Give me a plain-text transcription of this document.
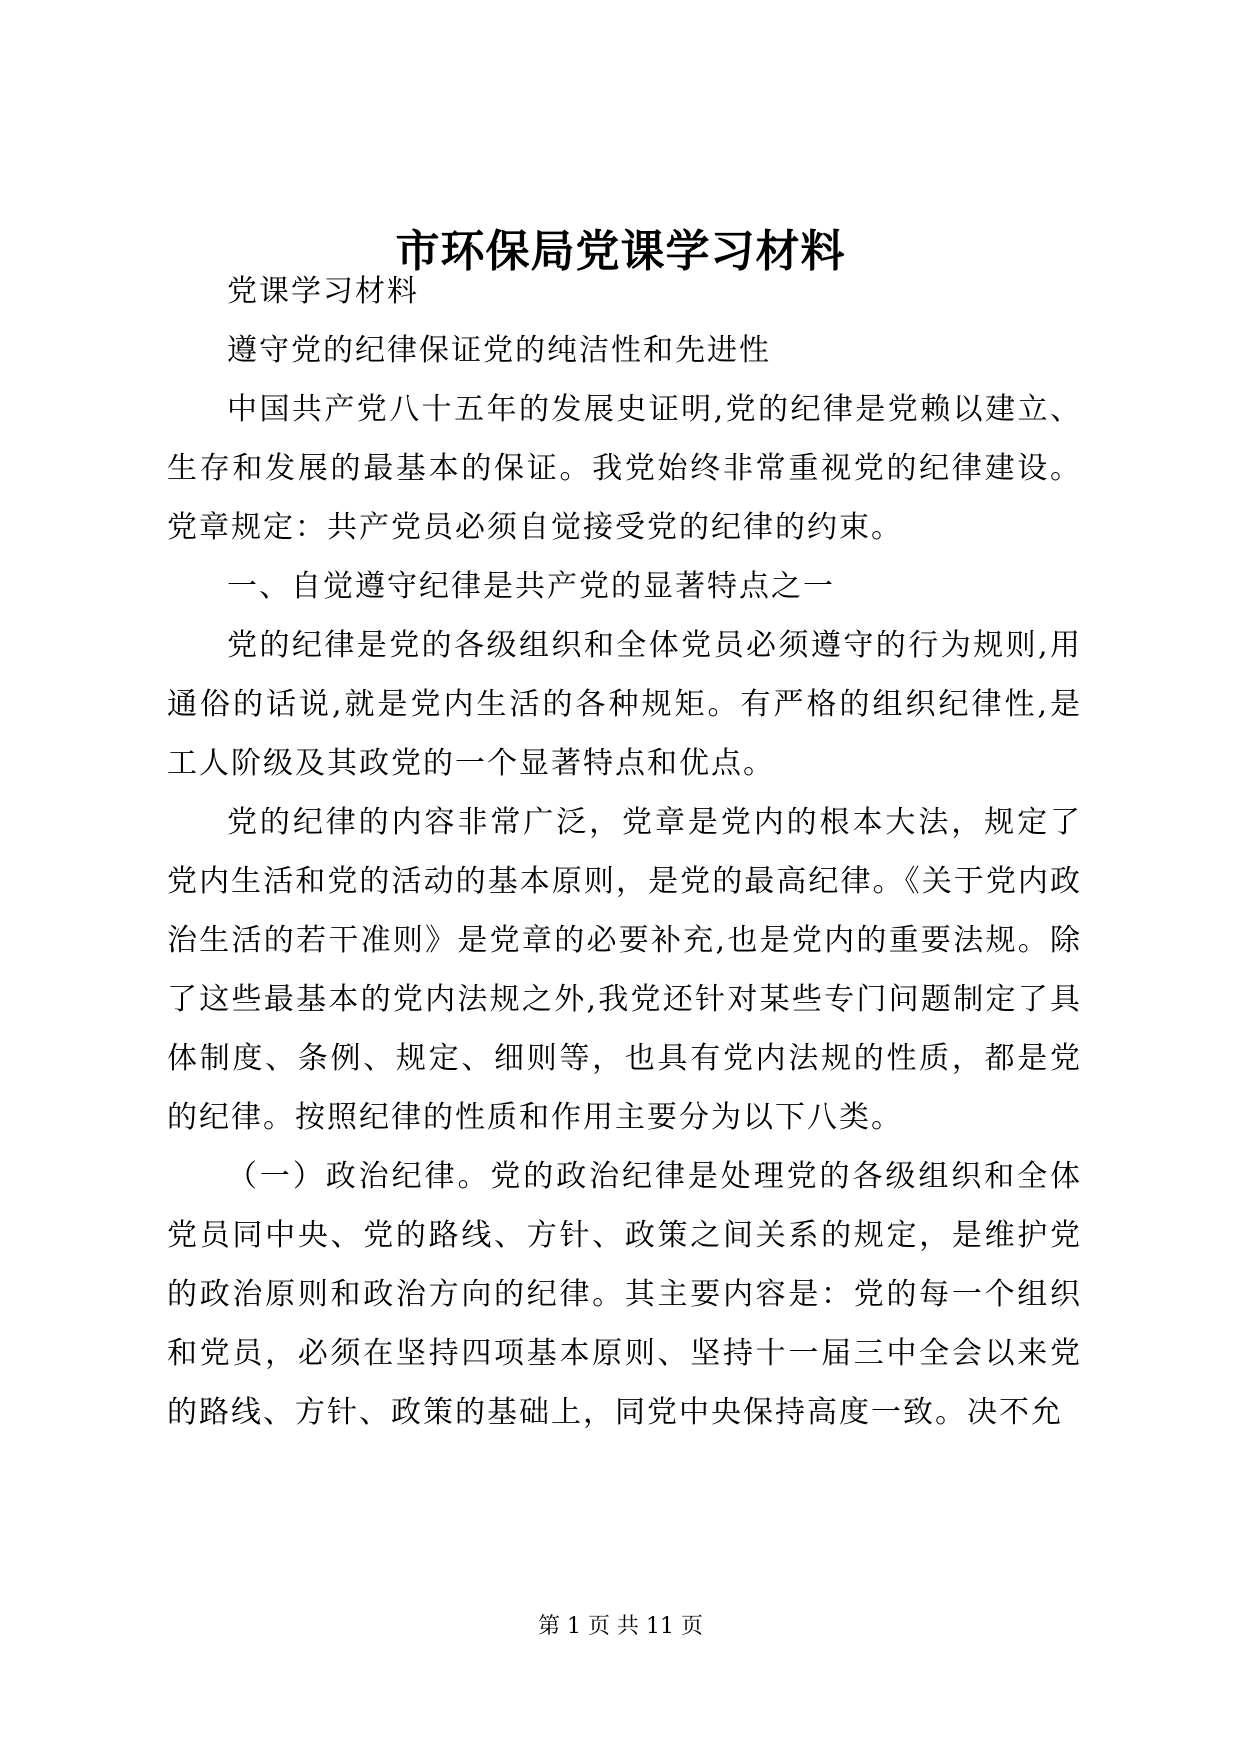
市环保局党课学习材料

党课学习材料

遵守党的纪律保证党的纯洁性和先进性

中国共产党八十五年的发展史证明,党的纪律是党赖以建立、生存和发展的最基本的保证。我党始终非常重视党的纪律建设。党章规定：共产党员必须自觉接受党的纪律的约束。

一、自觉遵守纪律是共产党的显著特点之一

党的纪律是党的各级组织和全体党员必须遵守的行为规则,用通俗的话说,就是党内生活的各种规矩。有严格的组织纪律性,是工人阶级及其政党的一个显著特点和优点。

党的纪律的内容非常广泛，党章是党内的根本大法，规定了党内生活和党的活动的基本原则，是党的最高纪律。《关于党内政治生活的若干准则》是党章的必要补充,也是党内的重要法规。除了这些最基本的党内法规之外,我党还针对某些专门问题制定了具体制度、条例、规定、细则等，也具有党内法规的性质，都是党的纪律。按照纪律的性质和作用主要分为以下八类。

（一）政治纪律。党的政治纪律是处理党的各级组织和全体党员同中央、党的路线、方针、政策之间关系的规定，是维护党的政治原则和政治方向的纪律。其主要内容是：党的每一个组织和党员，必须在坚持四项基本原则、坚持十一届三中全会以来党的路线、方针、政策的基础上，同党中央保持高度一致。决不允

第 1 页 共 11 页
